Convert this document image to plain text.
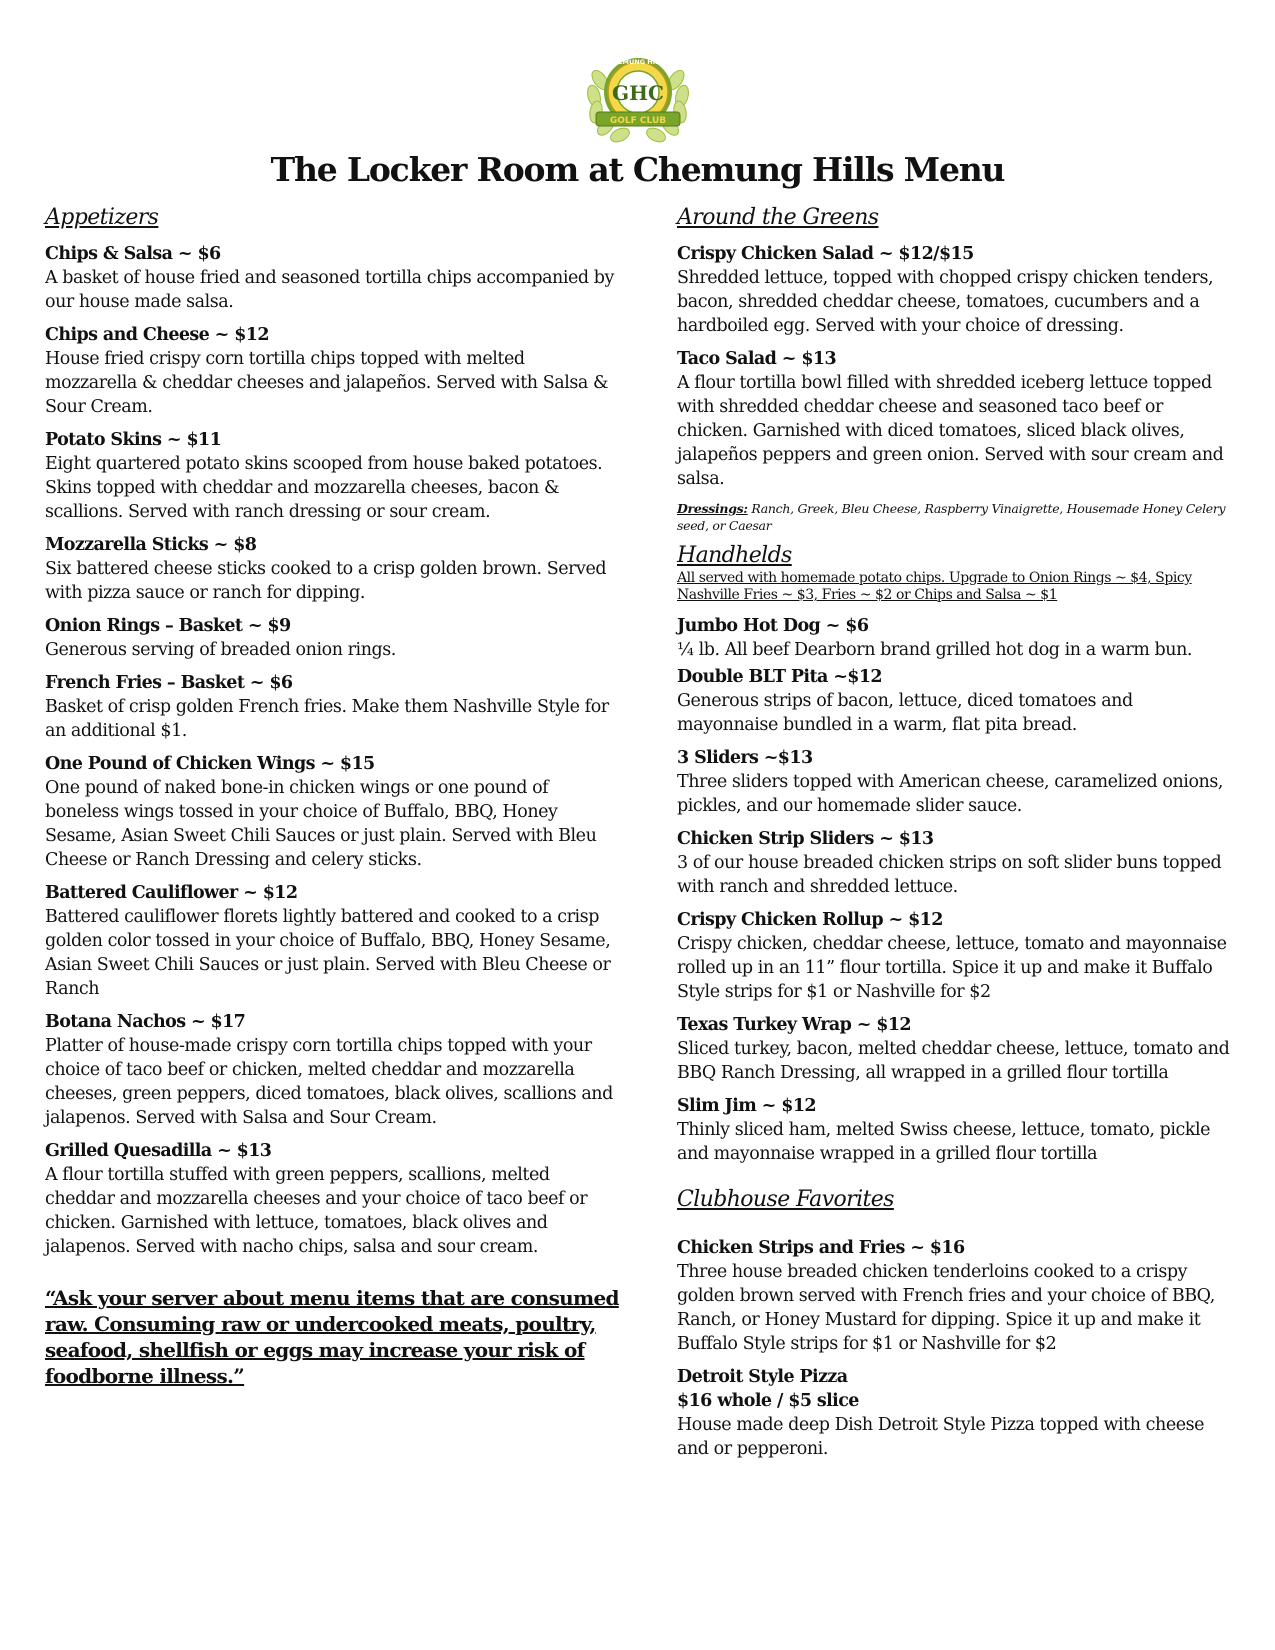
CHEMUNG HILLS
GHC
GOLF CLUB
The Locker Room at Chemung Hills Menu
Appetizers

Chips & Salsa ~ $6

A basket of house fried and seasoned tortilla chips accompanied by our house made salsa.

Chips and Cheese ~ $12

House fried crispy corn tortilla chips topped with melted mozzarella & cheddar cheeses and jalapeños. Served with Salsa & Sour Cream.

Potato Skins ~ $11

Eight quartered potato skins scooped from house baked potatoes. Skins topped with cheddar and mozzarella cheeses, bacon & scallions. Served with ranch dressing or sour cream.

Mozzarella Sticks ~ $8

Six battered cheese sticks cooked to a crisp golden brown. Served with pizza sauce or ranch for dipping.

Onion Rings – Basket ~ $9

Generous serving of breaded onion rings.

French Fries – Basket ~ $6

Basket of crisp golden French fries. Make them Nashville Style for an additional $1.

One Pound of Chicken Wings ~ $15

One pound of naked bone-in chicken wings or one pound of boneless wings tossed in your choice of Buffalo, BBQ, Honey Sesame, Asian Sweet Chili Sauces or just plain. Served with Bleu Cheese or Ranch Dressing and celery sticks.

Battered Cauliflower ~ $12

Battered cauliflower florets lightly battered and cooked to a crisp golden color tossed in your choice of Buffalo, BBQ, Honey Sesame, Asian Sweet Chili Sauces or just plain. Served with Bleu Cheese or Ranch

Botana Nachos ~ $17

Platter of house-made crispy corn tortilla chips topped with your choice of taco beef or chicken, melted cheddar and mozzarella cheeses, green peppers, diced tomatoes, black olives, scallions and jalapenos. Served with Salsa and Sour Cream.

Grilled Quesadilla ~ $13

A flour tortilla stuffed with green peppers, scallions, melted cheddar and mozzarella cheeses and your choice of taco beef or chicken. Garnished with lettuce, tomatoes, black olives and jalapenos. Served with nacho chips, salsa and sour cream.

“Ask your server about menu items that are consumed raw. Consuming raw or undercooked meats, poultry, seafood, shellfish or eggs may increase your risk of foodborne illness.”

Around the Greens

Crispy Chicken Salad ~ $12/$15

Shredded lettuce, topped with chopped crispy chicken tenders, bacon, shredded cheddar cheese, tomatoes, cucumbers and a hardboiled egg. Served with your choice of dressing.

Taco Salad ~ $13

A flour tortilla bowl filled with shredded iceberg lettuce topped with shredded cheddar cheese and seasoned taco beef or chicken. Garnished with diced tomatoes, sliced black olives, jalapeños peppers and green onion. Served with sour cream and salsa.

Dressings: Ranch, Greek, Bleu Cheese, Raspberry Vinaigrette, Housemade Honey Celery seed, or Caesar

Handhelds

All served with homemade potato chips. Upgrade to Onion Rings ~ $4, Spicy Nashville Fries ~ $3, Fries ~ $2 or Chips and Salsa ~ $1

Jumbo Hot Dog ~ $6

¼ lb. All beef Dearborn brand grilled hot dog in a warm bun.

Double BLT Pita ~$12

Generous strips of bacon, lettuce, diced tomatoes and mayonnaise bundled in a warm, flat pita bread.

3 Sliders ~$13

Three sliders topped with American cheese, caramelized onions, pickles, and our homemade slider sauce.

Chicken Strip Sliders ~ $13

3 of our house breaded chicken strips on soft slider buns topped with ranch and shredded lettuce.

Crispy Chicken Rollup ~ $12

Crispy chicken, cheddar cheese, lettuce, tomato and mayonnaise rolled up in an 11” flour tortilla. Spice it up and make it Buffalo Style strips for $1 or Nashville for $2

Texas Turkey Wrap ~ $12

Sliced turkey, bacon, melted cheddar cheese, lettuce, tomato and BBQ Ranch Dressing, all wrapped in a grilled flour tortilla

Slim Jim ~ $12

Thinly sliced ham, melted Swiss cheese, lettuce, tomato, pickle and mayonnaise wrapped in a grilled flour tortilla

Clubhouse Favorites

Chicken Strips and Fries ~ $16

Three house breaded chicken tenderloins cooked to a crispy golden brown served with French fries and your choice of BBQ, Ranch, or Honey Mustard for dipping. Spice it up and make it Buffalo Style strips for $1 or Nashville for $2

Detroit Style Pizza

$16 whole / $5 slice

House made deep Dish Detroit Style Pizza topped with cheese and or pepperoni.
